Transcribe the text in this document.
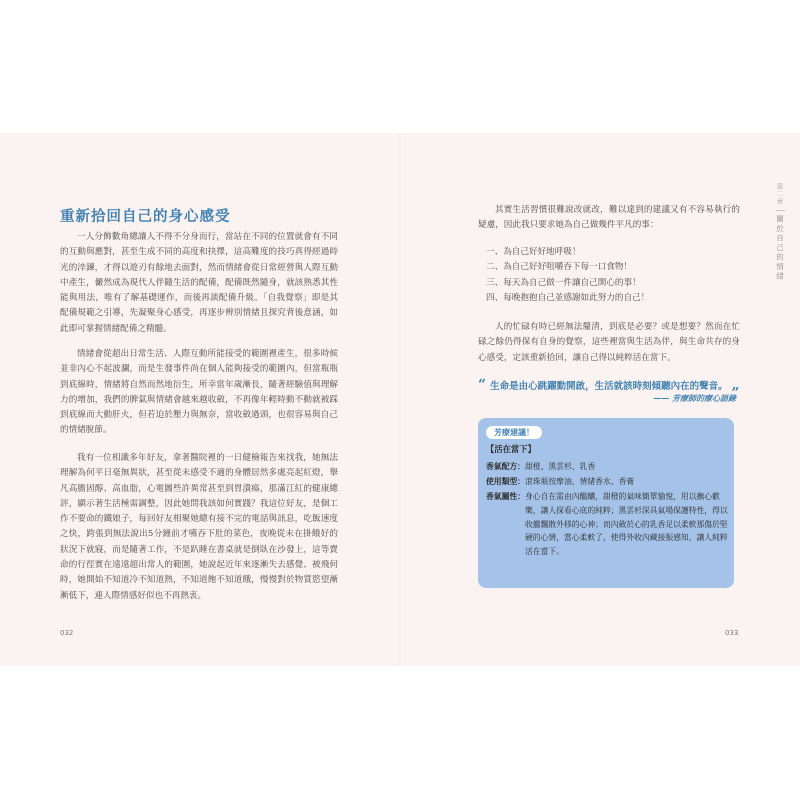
重新拾回自己的身心感受

一人分飾數角總讓人不得不分身而行，當站在不同的位置就會有不同的互動與應對，甚至生成不同的高度和抉擇，這高難度的技巧真得經過時光的淬鍊，才得以遊刃有餘地去面對，然而情緒會從日常經營與人際互動中產生，儼然成為現代人伴隨生活的配備，配備既然隨身，就該熟悉其性能與用法，唯有了解基礎運作，而後再談配備升級。「自我覺察」即是其配備規範之引導，先凝聚身心感受，再逐步辨別情緒且探究背後意涵，如此即可掌握情緒配備之精髓。

情緒會從超出日常生活、人際互動所能接受的範圍裡產生，很多時候並非內心不起波瀾，而是生發事件尚在個人能夠接受的範圍內，但當瓶瓶到底線時，情緒將自然而然地衍生，所幸當年歲漸長，隨著經驗值與理解力的增加，我們的脾氣與情緒會越來越收斂，不再像年輕時動不動就被踩到底線而大動肝火，但若迫於壓力與無奈，當收斂過頭，也很容易與自己的情緒脫節。

我有一位相識多年好友，拿著醫院裡的一日健檢報告來找我，她無法理解為何平日毫無異狀，甚至從未感受不適的身體居然多處亮起紅燈，舉凡高膽固醇、高血脂，心電圖些許異常甚至到胃潰瘍，那滿江紅的健康總評，顯示著生活極需調整，因此她問我該如何實踐？我這位好友，是個工作不要命的鐵娘子，每回好友相聚她總有接不完的電話與訊息，吃飯速度之快，跨張到無法說出5分鐘前才嚥吞下肚的菜色，夜晚從未在掛餓好的狀況下就寢，而是隨著工作，不是趴睡在書桌就是倒臥在沙發上，這等賣命的行徑實在遠遠超出常人的範圍，她說起近年來逐漸失去感覺、被飛何時，她開始不知道冷不知道熱，不知道飽不知道餓，慢慢對於物質慾望漸漸低下，連人際情感好似也不再熱衷。

032

其實生活習慣很難說改就改，難以達到的建議又有不容易執行的疑慮，因此我只要求她為自己做幾件平凡的事：

一、為自己好好地呼吸！
二、為自己好好咀嚼吞下每一口食物！
三、每天為自己做一件讓自己開心的事！
四、每晚抱抱自己並感謝如此努力的自己！

人的忙碌有時已經無法釐清，到底是必要？或是想要？然而在忙碌之餘仍得保有自身的覺察，這些裡當與生活為伴，與生命共存的身心感受，定該重新拾回，讓自己得以純粹活在當下。

“ 生命是由心跳躍動開啟，生活就該時刻傾聽內在的聲音。 „
—— 芳療師的療心語錄
芳療建議！
【活在當下】
香氣配方： 甜橙、黑雲杉、乳香
使用類型： 滾珠瓶按摩油、情緒香水、香膏
香氣屬性： 身心自在需由內醞釀，甜橙的氣味簡單愉悅，用以撫心歡樂，讓人探看心底的純粹；黑雲杉深具氣場保護特性，得以收攏飄散外移的心神；而內斂於心的乳香足以柔軟那傷於堅硬的心情，當心柔軟了，使得外收內藏接振感知，讓人純粹活在當下。
第二章
關於自己的情緒
033
